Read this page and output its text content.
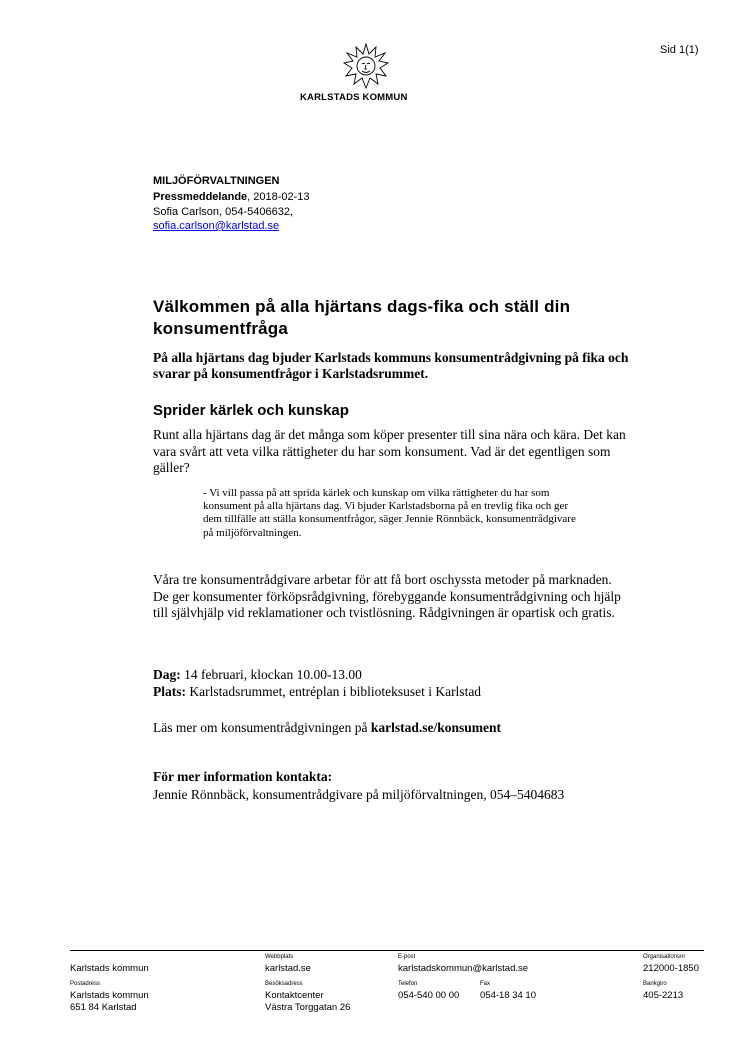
Sid 1(1)
KARLSTADS KOMMUN
MILJÖFÖRVALTNINGEN
Pressmeddelande, 2018-02-13
Sofia Carlson, 054-5406632,
sofia.carlson@karlstad.se
Välkommen på alla hjärtans dags-fika och ställ din konsumentfråga
På alla hjärtans dag bjuder Karlstads kommuns konsumentrådgivning på fika och svarar på konsumentfrågor i Karlstadsrummet.
Sprider kärlek och kunskap
Runt alla hjärtans dag är det många som köper presenter till sina nära och kära. Det kan vara svårt att veta vilka rättigheter du har som konsument. Vad är det egentligen som gäller?
- Vi vill passa på att sprida kärlek och kunskap om vilka rättigheter du har som konsument på alla hjärtans dag. Vi bjuder Karlstadsborna på en trevlig fika och ger dem tillfälle att ställa konsumentfrågor, säger Jennie Rönnbäck, konsumentrådgivare på miljöförvaltningen.
Våra tre konsumentrådgivare arbetar för att få bort oschyssta metoder på marknaden. De ger konsumenter förköpsrådgivning, förebyggande konsumentrådgivning och hjälp till självhjälp vid reklamationer och tvistlösning. Rådgivningen är opartisk och gratis.
Dag: 14 februari, klockan 10.00-13.00
Plats: Karlstadsrummet, entréplan i biblioteksuset i Karlstad
Läs mer om konsumentrådgivningen på karlstad.se/konsument
För mer information kontakta:
Jennie Rönnbäck, konsumentrådgivare på miljöförvaltningen, 054–5404683
Karlstads kommun
Webbplats
karlstad.se
E-post
karlstadskommun@karlstad.se
Organisationsnr
212000-1850
Postadress
Karlstads kommun
651 84 Karlstad
Besöksadress
Kontaktcenter
Västra Torggatan 26
Telefon
054-540 00 00
Fax
054-18 34 10
Bankgiro
405-2213
